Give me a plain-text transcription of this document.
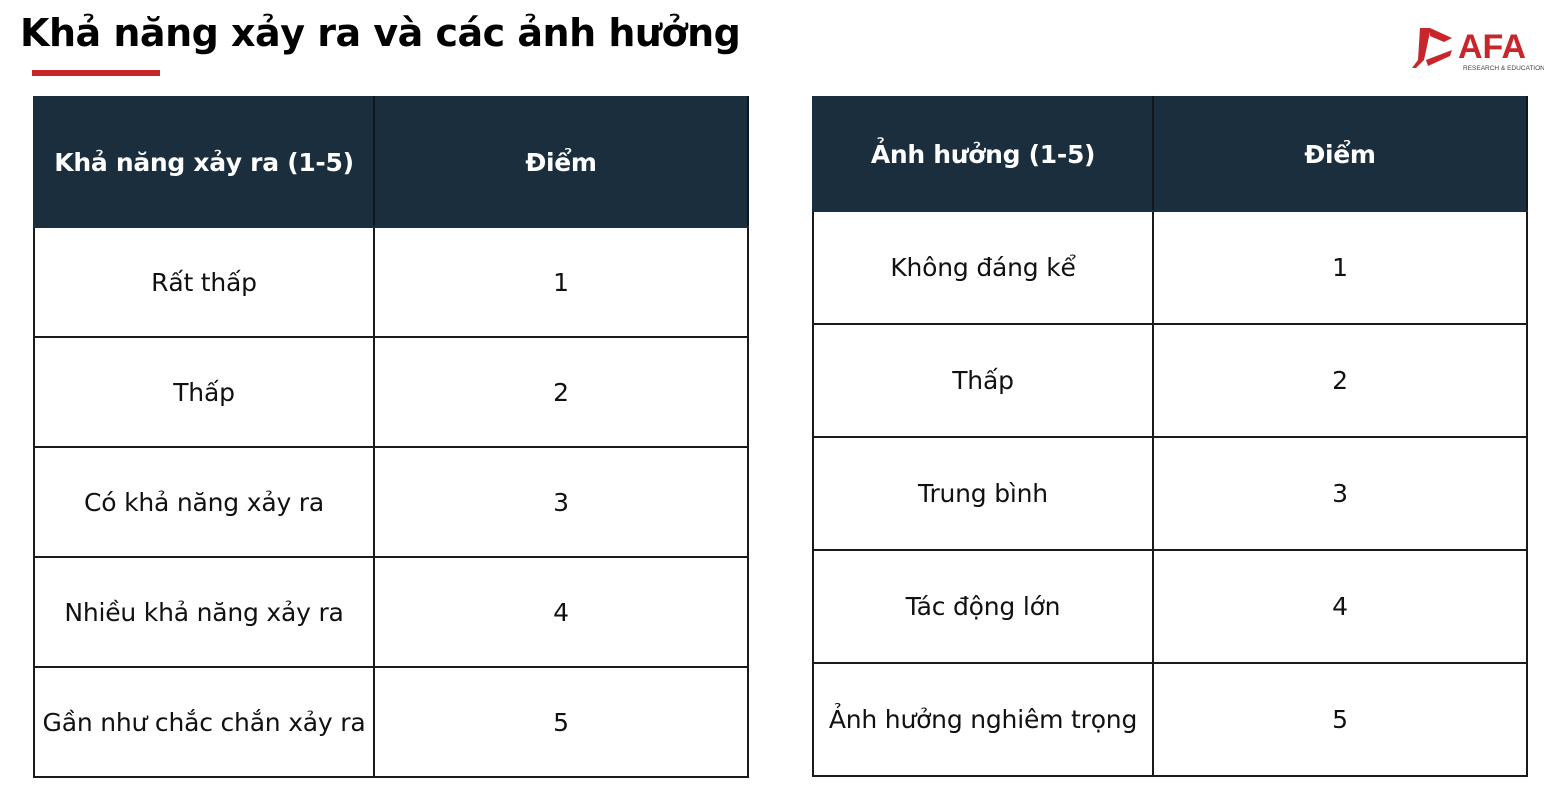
Khả năng xảy ra và các ảnh hưởng	AFA
RESEARCH & EDUCATION
Khả năng xảy ra (1-5)	Điểm
Rất thấp	1
Thấp	2
Có khả năng xảy ra	3
Nhiều khả năng xảy ra	4
Gần như chắc chắn xảy ra	5
Ảnh hưởng (1-5)	Điểm
Không đáng kể	1
Thấp	2
Trung bình	3
Tác động lớn	4
Ảnh hưởng nghiêm trọng	5
